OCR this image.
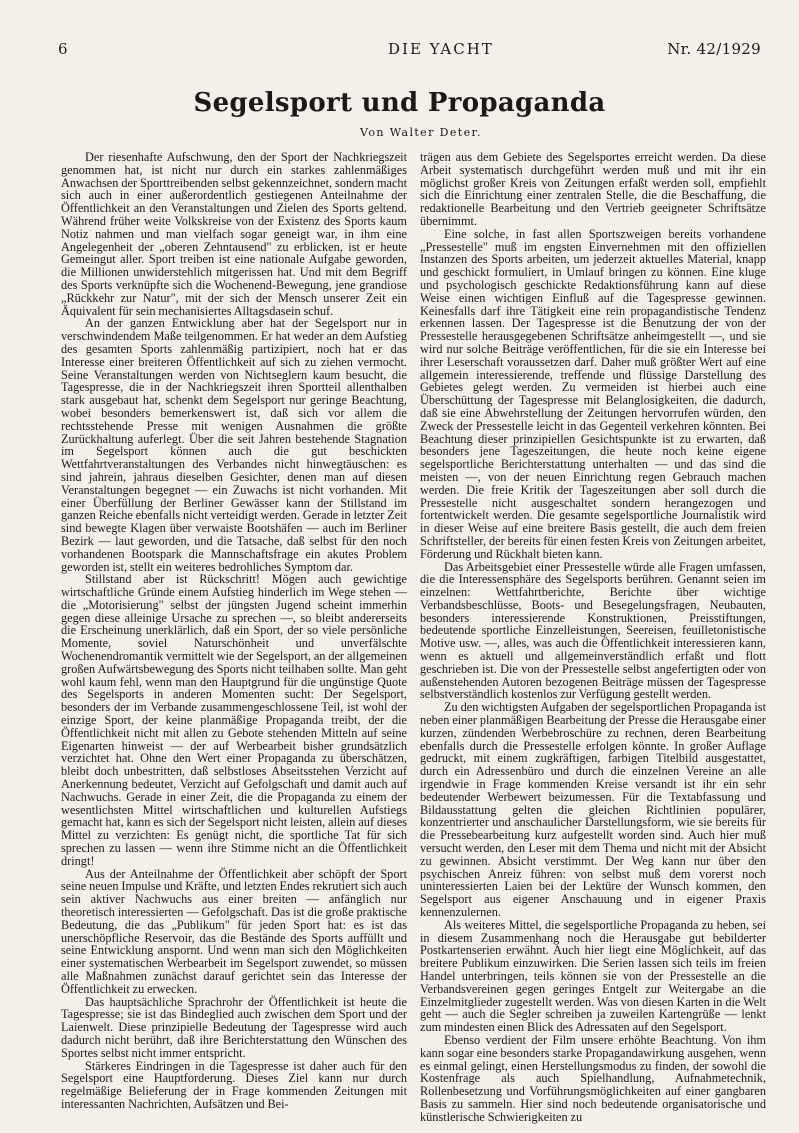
6	DIE YACHT	Nr. 42/1929
Segelsport und Propaganda
Von Walter Deter.

Der riesenhafte Aufschwung, den der Sport der Nachkriegszeit genommen hat, ist nicht nur durch ein starkes zahlenmäßiges Anwachsen der Sporttreibenden selbst gekennzeichnet, sondern macht sich auch in einer außerordentlich gestiegenen Anteilnahme der Öffentlichkeit an den Veranstaltungen und Zielen des Sports geltend. Während früher weite Volkskreise von der Existenz des Sports kaum Notiz nahmen und man vielfach sogar geneigt war, in ihm eine Angelegenheit der „oberen Zehntausend" zu erblicken, ist er heute Gemeingut aller. Sport treiben ist eine nationale Aufgabe geworden, die Millionen unwiderstehlich mitgerissen hat. Und mit dem Begriff des Sports verknüpfte sich die Wochenend-Bewegung, jene grandiose „Rückkehr zur Natur", mit der sich der Mensch unserer Zeit ein Äquivalent für sein mechanisiertes Alltagsdasein schuf.

An der ganzen Entwicklung aber hat der Segelsport nur in verschwindendem Maße teilgenommen. Er hat weder an dem Aufstieg des gesamten Sports zahlenmäßig partizipiert, noch hat er das Interesse einer breiteren Öffentlichkeit auf sich zu ziehen vermocht. Seine Veranstaltungen werden von Nichtseglern kaum besucht, die Tagespresse, die in der Nachkriegszeit ihren Sportteil allenthalben stark ausgebaut hat, schenkt dem Segelsport nur geringe Beachtung, wobei besonders bemerkenswert ist, daß sich vor allem die rechtsstehende Presse mit wenigen Ausnahmen die größte Zurückhaltung auferlegt. Über die seit Jahren bestehende Stagnation im Segelsport können auch die gut beschickten Wettfahrtveranstaltungen des Verbandes nicht hinwegtäuschen: es sind jahrein, jahraus dieselben Gesichter, denen man auf diesen Veranstaltungen begegnet — ein Zuwachs ist nicht vorhanden. Mit einer Überfüllung der Berliner Gewässer kann der Stillstand im ganzen Reiche ebenfalls nicht verteidigt werden. Gerade in letzter Zeit sind bewegte Klagen über verwaiste Bootshäfen — auch im Berliner Bezirk — laut geworden, und die Tatsache, daß selbst für den noch vorhandenen Bootspark die Mannschaftsfrage ein akutes Problem geworden ist, stellt ein weiteres bedrohliches Symptom dar.

Stillstand aber ist Rückschritt! Mögen auch gewichtige wirtschaftliche Gründe einem Aufstieg hinderlich im Wege stehen — die „Motorisierung" selbst der jüngsten Jugend scheint immerhin gegen diese alleinige Ursache zu sprechen —, so bleibt andererseits die Erscheinung unerklärlich, daß ein Sport, der so viele persönliche Momente, soviel Naturschönheit und unverfälschte Wochenendromantik vermittelt wie der Segelsport, an der allgemeinen großen Aufwärtsbewegung des Sports nicht teilhaben sollte. Man geht wohl kaum fehl, wenn man den Hauptgrund für die ungünstige Quote des Segelsports in anderen Momenten sucht: Der Segelsport, besonders der im Verbande zusammengeschlossene Teil, ist wohl der einzige Sport, der keine planmäßige Propaganda treibt, der die Öffentlichkeit nicht mit allen zu Gebote stehenden Mitteln auf seine Eigenarten hinweist — der auf Werbearbeit bisher grundsätzlich verzichtet hat. Ohne den Wert einer Propaganda zu überschätzen, bleibt doch unbestritten, daß selbstloses Abseitsstehen Verzicht auf Anerkennung bedeutet, Verzicht auf Gefolgschaft und damit auch auf Nachwuchs. Gerade in einer Zeit, die die Propaganda zu einem der wesentlichsten Mittel wirtschaftlichen und kulturellen Aufstiegs gemacht hat, kann es sich der Segelsport nicht leisten, allein auf dieses Mittel zu verzichten: Es genügt nicht, die sportliche Tat für sich sprechen zu lassen — wenn ihre Stimme nicht an die Öffentlichkeit dringt!

Aus der Anteilnahme der Öffentlichkeit aber schöpft der Sport seine neuen Impulse und Kräfte, und letzten Endes rekrutiert sich auch sein aktiver Nachwuchs aus einer breiten — anfänglich nur theoretisch interessierten — Gefolgschaft. Das ist die große praktische Bedeutung, die das „Publikum" für jeden Sport hat: es ist das unerschöpfliche Reservoir, das die Bestände des Sports auffüllt und seine Entwicklung anspornt. Und wenn man sich den Möglichkeiten einer systematischen Werbearbeit im Segelsport zuwendet, so müssen alle Maßnahmen zunächst darauf gerichtet sein das Interesse der Öffentlichkeit zu erwecken.

Das hauptsächliche Sprachrohr der Öffentlichkeit ist heute die Tagespresse; sie ist das Bindeglied auch zwischen dem Sport und der Laienwelt. Diese prinzipielle Bedeutung der Tagespresse wird auch dadurch nicht berührt, daß ihre Berichterstattung den Wünschen des Sportes selbst nicht immer entspricht.

Stärkeres Eindringen in die Tagespresse ist daher auch für den Segelsport eine Hauptforderung. Dieses Ziel kann nur durch regelmäßige Belieferung der in Frage kommenden Zeitungen mit interessanten Nachrichten, Aufsätzen und Bei-

trägen aus dem Gebiete des Segelsportes erreicht werden. Da diese Arbeit systematisch durchgeführt werden muß und mit ihr ein möglichst großer Kreis von Zeitungen erfaßt werden soll, empfiehlt sich die Einrichtung einer zentralen Stelle, die die Beschaffung, die redaktionelle Bearbeitung und den Vertrieb geeigneter Schriftsätze übernimmt.

Eine solche, in fast allen Sportszweigen bereits vorhandene „Pressestelle" muß im engsten Einvernehmen mit den offiziellen Instanzen des Sports arbeiten, um jederzeit aktuelles Material, knapp und geschickt formuliert, in Umlauf bringen zu können. Eine kluge und psychologisch geschickte Redaktionsführung kann auf diese Weise einen wichtigen Einfluß auf die Tagespresse gewinnen. Keinesfalls darf ihre Tätigkeit eine rein propagandistische Tendenz erkennen lassen. Der Tagespresse ist die Benutzung der von der Pressestelle herausgegebenen Schriftsätze anheimgestellt —, und sie wird nur solche Beiträge veröffentlichen, für die sie ein Interesse bei ihrer Leserschaft voraussetzen darf. Daher muß größter Wert auf eine allgemein interessierende, treffende und flüssige Darstellung des Gebietes gelegt werden. Zu vermeiden ist hierbei auch eine Überschüttung der Tagespresse mit Belanglosigkeiten, die dadurch, daß sie eine Abwehrstellung der Zeitungen hervorrufen würden, den Zweck der Pressestelle leicht in das Gegenteil verkehren könnten. Bei Beachtung dieser prinzipiellen Gesichtspunkte ist zu erwarten, daß besonders jene Tageszeitungen, die heute noch keine eigene segelsportliche Berichterstattung unterhalten — und das sind die meisten —, von der neuen Einrichtung regen Gebrauch machen werden. Die freie Kritik der Tageszeitungen aber soll durch die Pressestelle nicht ausgeschaltet sondern herangezogen und fortentwickelt werden. Die gesamte segelsportliche Journalistik wird in dieser Weise auf eine breitere Basis gestellt, die auch dem freien Schriftsteller, der bereits für einen festen Kreis von Zeitungen arbeitet, Förderung und Rückhalt bieten kann.

Das Arbeitsgebiet einer Pressestelle würde alle Fragen umfassen, die die Interessensphäre des Segelsports berühren. Genannt seien im einzelnen: Wettfahrtberichte, Berichte über wichtige Verbandsbeschlüsse, Boots- und Besegelungsfragen, Neubauten, besonders interessierende Konstruktionen, Preisstiftungen, bedeutende sportliche Einzelleistungen, Seereisen, feuilletonistische Motive usw. —, alles, was auch die Öffentlichkeit interessieren kann, wenn es aktuell und allgemeinverständlich erfaßt und flott geschrieben ist. Die von der Pressestelle selbst angefertigten oder von außenstehenden Autoren bezogenen Beiträge müssen der Tagespresse selbstverständlich kostenlos zur Verfügung gestellt werden.

Zu den wichtigsten Aufgaben der segelsportlichen Propaganda ist neben einer planmäßigen Bearbeitung der Presse die Herausgabe einer kurzen, zündenden Werbebroschüre zu rechnen, deren Bearbeitung ebenfalls durch die Pressestelle erfolgen könnte. In großer Auflage gedruckt, mit einem zugkräftigen, farbigen Titelbild ausgestattet, durch ein Adressenbüro und durch die einzelnen Vereine an alle irgendwie in Frage kommenden Kreise versandt ist ihr ein sehr bedeutender Werbewert beizumessen. Für die Textabfassung und Bildausstattung gelten die gleichen Richtlinien populärer, konzentrierter und anschaulicher Darstellungsform, wie sie bereits für die Pressebearbeitung kurz aufgestellt worden sind. Auch hier muß versucht werden, den Leser mit dem Thema und nicht mit der Absicht zu gewinnen. Absicht verstimmt. Der Weg kann nur über den psychischen Anreiz führen: von selbst muß dem vorerst noch uninteressierten Laien bei der Lektüre der Wunsch kommen, den Segelsport aus eigener Anschauung und in eigener Praxis kennenzulernen.

Als weiteres Mittel, die segelsportliche Propaganda zu heben, sei in diesem Zusammenhang noch die Herausgabe gut bebilderter Postkartenserien erwähnt. Auch hier liegt eine Möglichkeit, auf das breitere Publikum einzuwirken. Die Serien lassen sich teils im freien Handel unterbringen, teils können sie von der Pressestelle an die Verbandsvereinen gegen geringes Entgelt zur Weitergabe an die Einzelmitglieder zugestellt werden. Was von diesen Karten in die Welt geht — auch die Segler schreiben ja zuweilen Kartengrüße — lenkt zum mindesten einen Blick des Adressaten auf den Segelsport.

Ebenso verdient der Film unsere erhöhte Beachtung. Von ihm kann sogar eine besonders starke Propagandawirkung ausgehen, wenn es einmal gelingt, einen Herstellungsmodus zu finden, der sowohl die Kostenfrage als auch Spielhandlung, Aufnahmetechnik, Rollenbesetzung und Vorführungsmöglichkeiten auf einer gangbaren Basis zu sammeln. Hier sind noch bedeutende organisatorische und künstlerische Schwierigkeiten zu
